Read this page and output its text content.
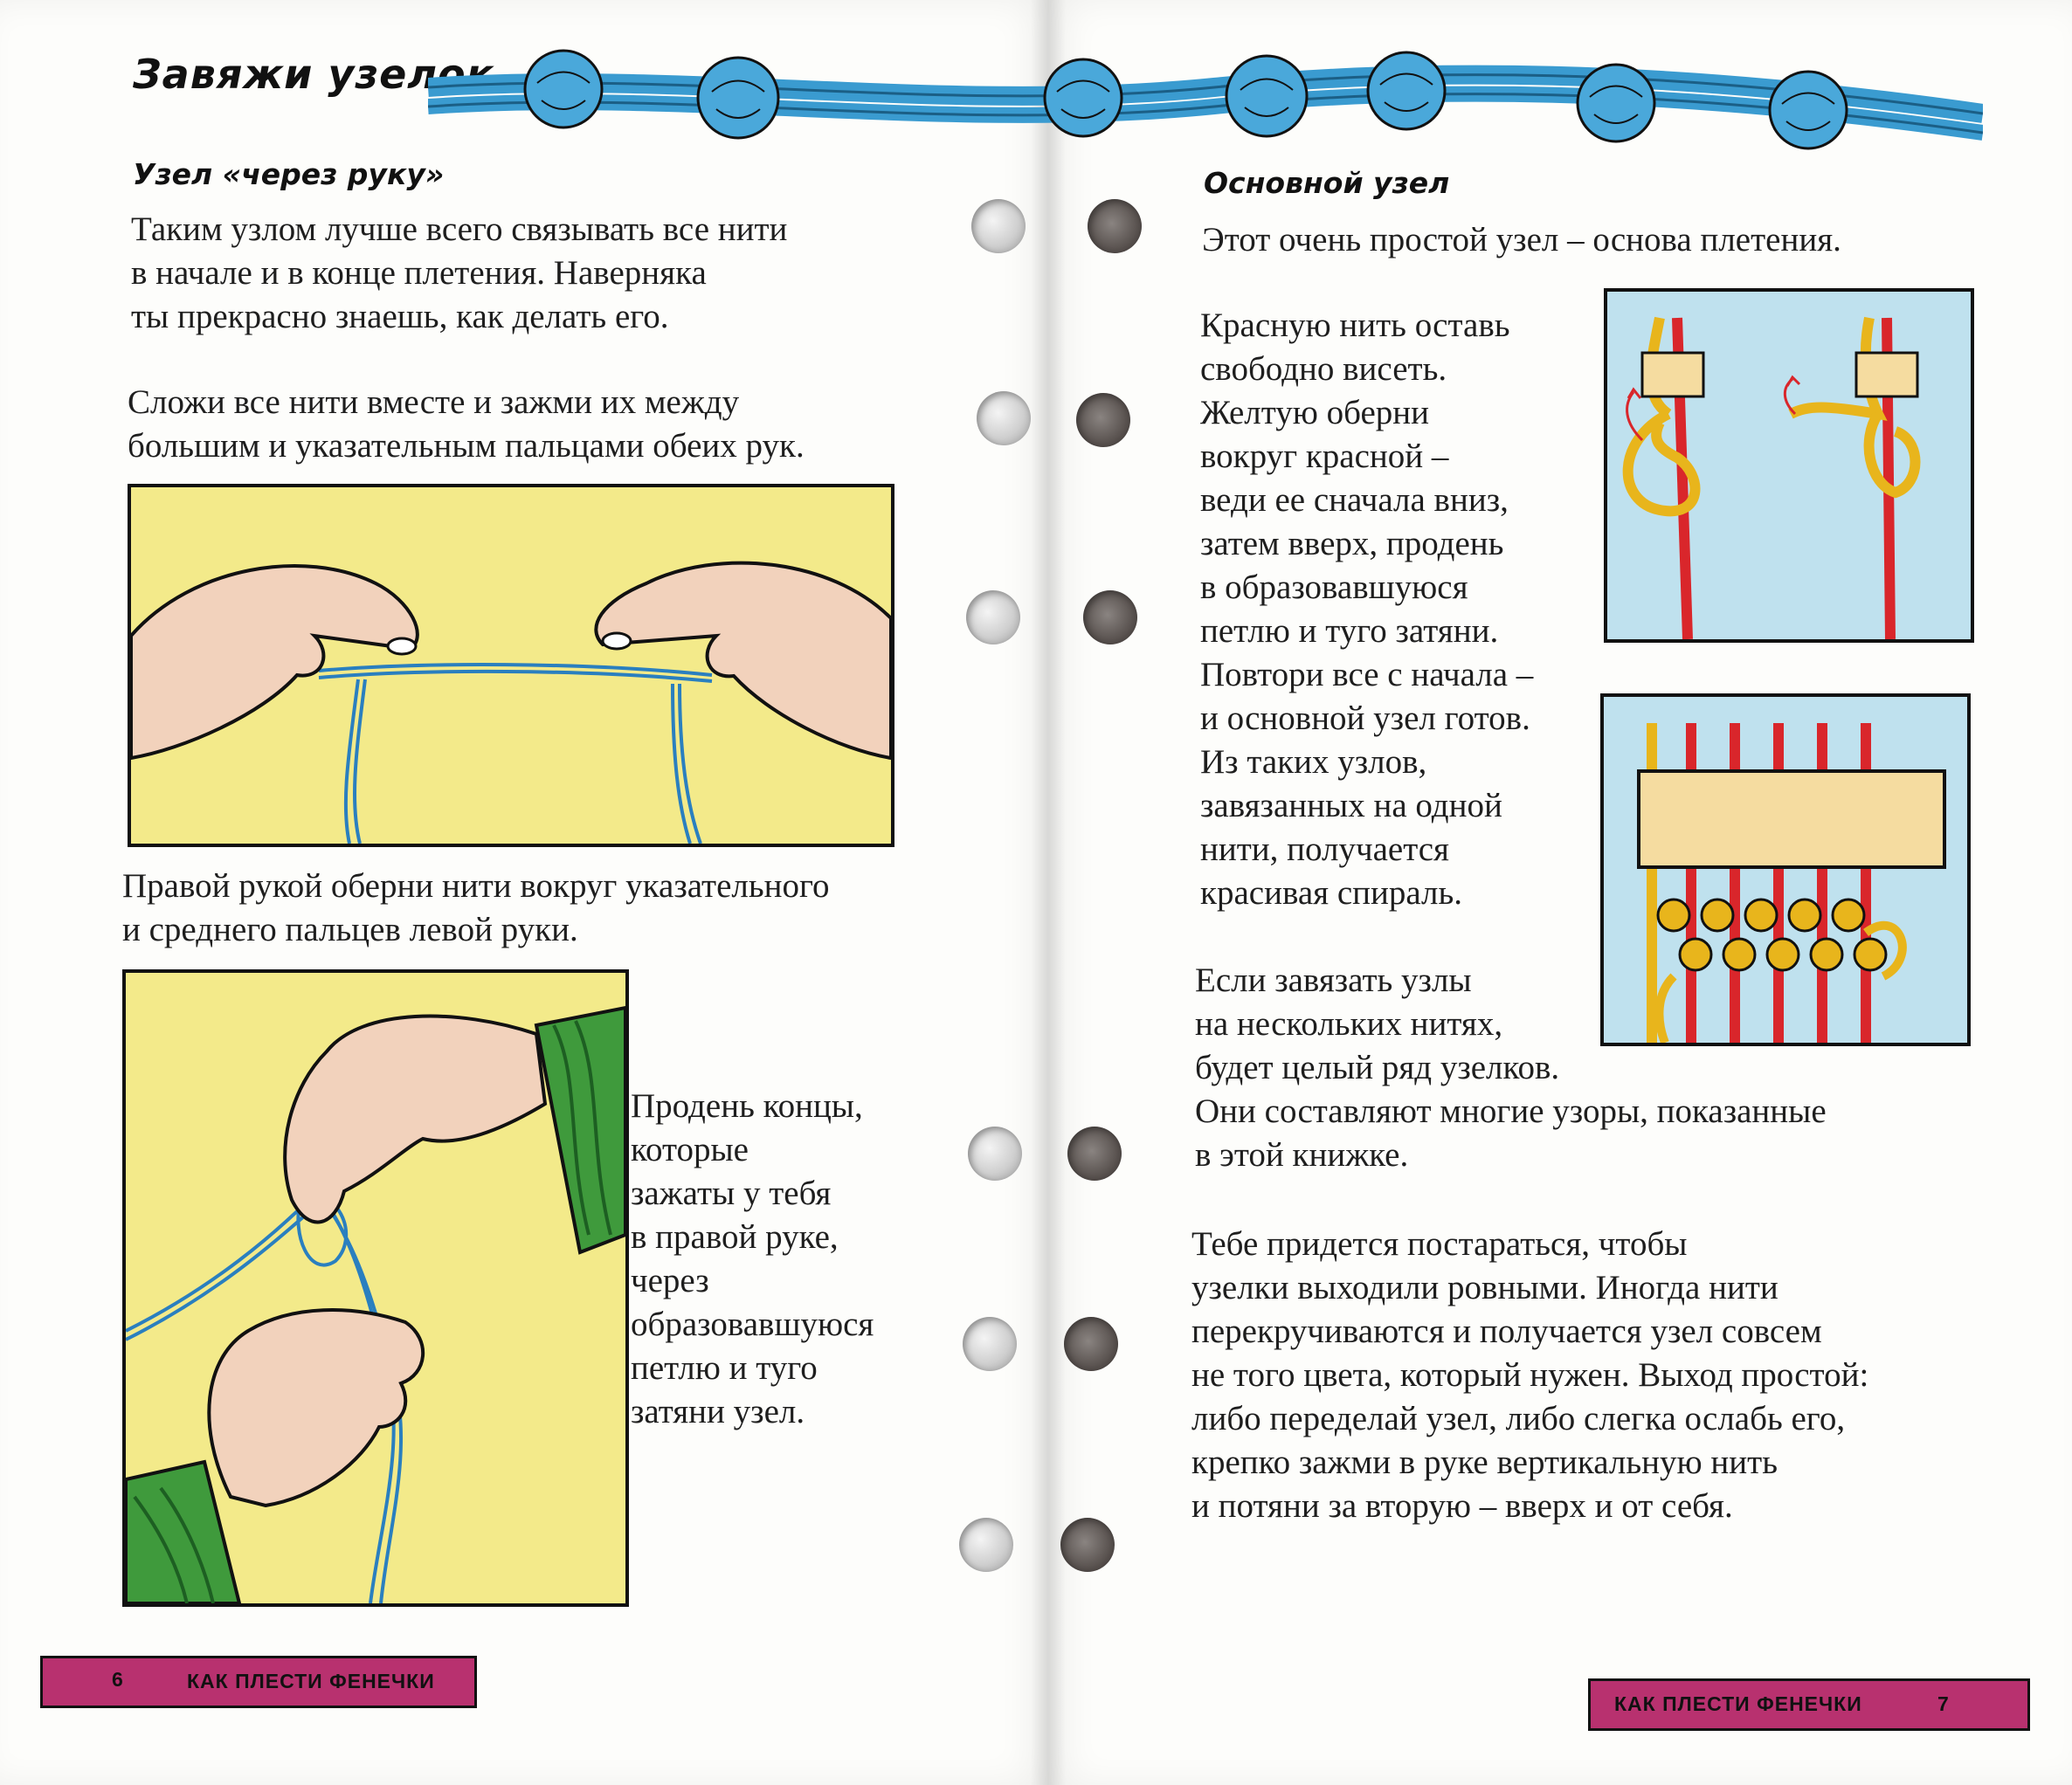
Завяжи узелок
Узел «через руку»
Таким узлом лучше всего связывать все нити
в начале и в конце плетения. Наверняка
ты прекрасно знаешь, как делать его.
Сложи все нити вместе и зажми их между
большим и указательным пальцами обеих рук.
Правой рукой оберни нити вокруг указательного
и среднего пальцев левой руки.
Продень концы,
которые
зажаты у тебя
в правой руке,
через
образовавшуюся
петлю и туго
затяни узел.
6	КАК ПЛЕСТИ ФЕНЕЧКИ
Основной узел
Этот очень простой узел – основа плетения.
Красную нить оставь
свободно висеть.
Желтую оберни
вокруг красной –
веди ее сначала вниз,
затем вверх, продень
в образовавшуюся
петлю и туго затяни.
Повтори все с начала –
и основной узел готов.
Из таких узлов,
завязанных на одной
нити, получается
красивая спираль.
Если завязать узлы
на нескольких нитях,
будет целый ряд узелков.
Они составляют многие узоры, показанные
в этой книжке.
Тебе придется постараться, чтобы
узелки выходили ровными. Иногда нити
перекручиваются и получается узел совсем
не того цвета, который нужен. Выход простой:
либо переделай узел, либо слегка ослабь его,
крепко зажми в руке вертикальную нить
и потяни за вторую – вверх и от себя.
КАК ПЛЕСТИ ФЕНЕЧКИ	7
